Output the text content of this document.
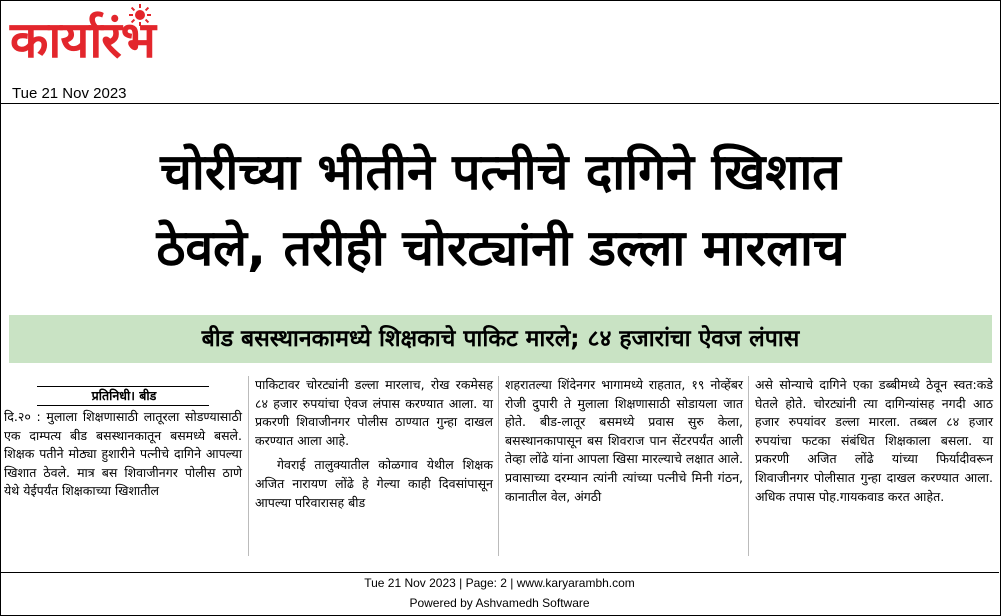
कार्यारंभ
Tue 21 Nov 2023
चोरीच्या भीतीने पत्नीचे दागिने खिशात
ठेवले, तरीही चोरट्यांनी डल्ला मारलाच
बीड बसस्थानकामध्ये शिक्षकाचे पाकिट मारले; ८४ हजारांचा ऐवज लंपास
प्रतिनिधी। बीड

दि.२० : मुलाला शिक्षणासाठी लातूरला सोडण्यासाठी एक दाम्पत्य बीड बसस्थानकातून बसमध्ये बसले. शिक्षक पतीने मोठ्या हुशारीने पत्नीचे दागिने आपल्या खिशात ठेवले. मात्र बस शिवाजीनगर पोलीस ठाणे येथे येईपर्यंत शिक्षकाच्या खिशातील

पाकिटावर चोरट्यांनी डल्ला मारलाच, रोख रकमेसह ८४ हजार रुपयांचा ऐवज लंपास करण्यात आला. या प्रकरणी शिवाजीनगर पोलीस ठाण्यात गुन्हा दाखल करण्यात आला आहे.

गेवराई तालुक्यातील कोळगाव येथील शिक्षक अजित नारायण लोंढे हे गेल्या काही दिवसांपासून आपल्या परिवारासह बीड

शहरातल्या शिंदेनगर भागामध्ये राहतात, १९ नोव्हेंबर रोजी दुपारी ते मुलाला शिक्षणासाठी सोडायला जात होते. बीड-लातूर बसमध्ये प्रवास सुरु केला, बसस्थानकापासून बस शिवराज पान सेंटरपर्यंत आली तेव्हा लोंढे यांना आपला खिसा मारल्याचे लक्षात आले. प्रवासाच्या दरम्यान त्यांनी त्यांच्या पत्नीचे मिनी गंठन, कानातील वेल, अंगठी

असे सोन्याचे दागिने एका डब्बीमध्ये ठेवून स्वत:कडे घेतले होते. चोरट्यांनी त्या दागिन्यांसह नगदी आठ हजार रुपयांवर डल्ला मारला. तब्बल ८४ हजार रुपयांचा फटका संबंधित शिक्षकाला बसला. या प्रकरणी अजित लोंढे यांच्या फिर्यादीवरून शिवाजीनगर पोलीसात गुन्हा दाखल करण्यात आला. अधिक तपास पोह.गायकवाड करत आहेत.

Tue 21 Nov 2023 | Page: 2 | www.karyarambh.com
Powered by Ashvamedh Software
